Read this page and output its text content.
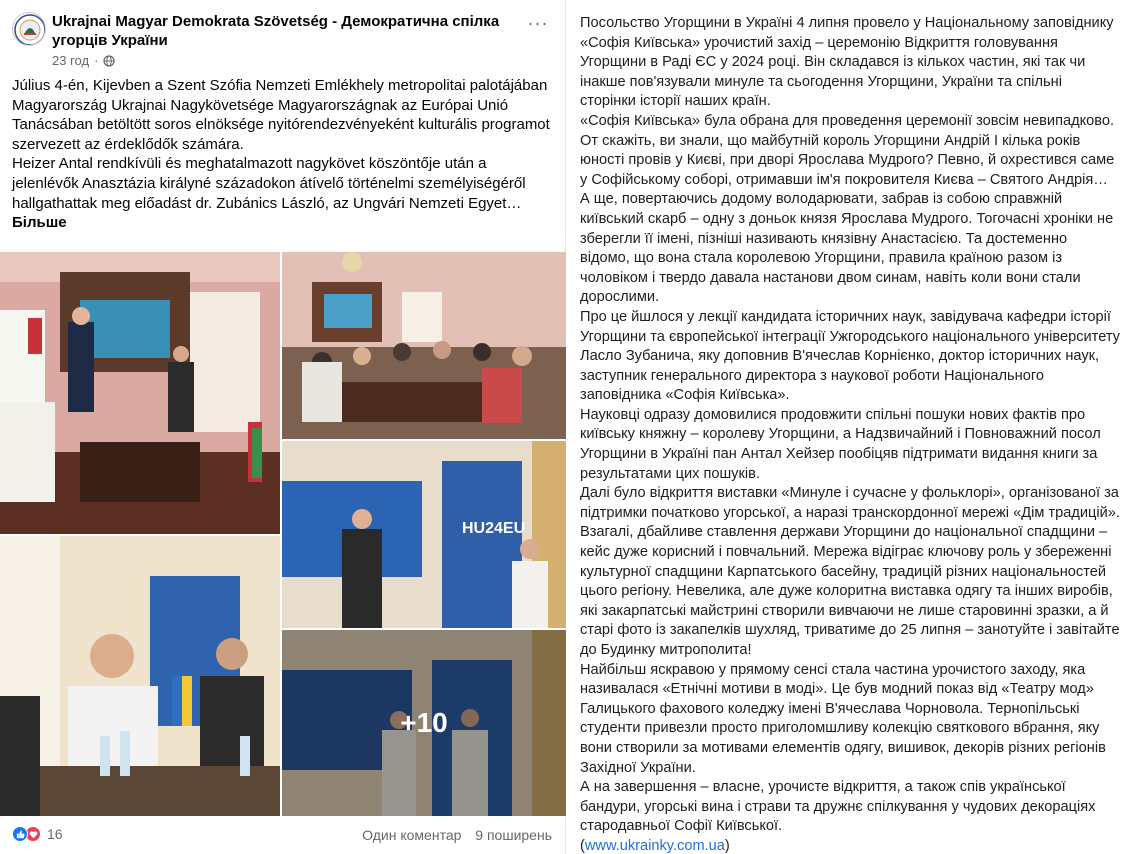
Ukrajnai Magyar Demokrata Szövetség - Демократична спілка угорців України
23 год ·
···

Július 4-én, Kijevben a Szent Szófia Nemzeti Emlékhely metropolitai palotájában Magyarország Ukrajnai Nagykövetsége Magyarországnak az Európai Unió Tanácsában betöltött soros elnöksége nyitórendezvényeként kulturális programot szervezett az érdeklődők számára.

Heizer Antal rendkívüli és meghatalmazott nagykövet köszöntője után a jelenlévők Anasztázia királyné századokon átívelő történelmi személyiségéről hallgathattak meg előadást dr. Zubánics László, az Ungvári Nemzeti Egyet… Більше

HU24EU
+10
16	Один коментар 9 поширень

Посольство Угорщини в Україні 4 липня провело у Національному заповіднику «Софія Київська» урочистий захід – церемонію Відкриття головування Угорщини в Раді ЄС у 2024 році. Він складався із кількох частин, які так чи інакше пов'язували минуле та сьогодення Угорщини, України та спільні сторінки історії наших країн.

«Софія Київська» була обрана для проведення церемонії зовсім невипадково. От скажіть, ви знали, що майбутній король Угорщини Андрій I кілька років юності провів у Києві, при дворі Ярослава Мудрого? Певно, й охрестився саме у Софійському соборі, отримавши ім'я покровителя Києва – Святого Андрія… А ще, повертаючись додому володарювати, забрав із собою справжній київський скарб – одну з доньок князя Ярослава Мудрого. Тогочасні хроніки не зберегли її імені, пізніші називають князівну Анастасією. Та достеменно відомо, що вона стала королевою Угорщини, правила країною разом із чоловіком і твердо давала настанови двом синам, навіть коли вони стали дорослими.

Про це йшлося у лекції кандидата історичних наук, завідувача кафедри історії Угорщини та європейської інтеграції Ужгородського національного університету Ласло Зубанича, яку доповнив В'ячеслав Корнієнко, доктор історичних наук, заступник генерального директора з наукової роботи Національного заповідника «Софія Київська».

Науковці одразу домовилися продовжити спільні пошуки нових фактів про київську княжну – королеву Угорщини, а Надзвичайний і Повноважний посол Угорщини в Україні пан Антал Хейзер пообіцяв підтримати видання книги за результатами цих пошуків.

Далі було відкриття виставки «Минуле і сучасне у фольклорі», організованої за підтримки початково угорської, а наразі транскордонної мережі «Дім традицій». Взагалі, дбайливе ставлення держави Угорщини до національної спадщини – кейс дуже корисний і повчальний. Мережа відіграє ключову роль у збереженні культурної спадщини Карпатського басейну, традицій різних національностей цього регіону. Невелика, але дуже колоритна виставка одягу та інших виробів, які закарпатські майстрині створили вивчаючи не лише старовинні зразки, а й старі фото із закапелків шухляд, триватиме до 25 липня – занотуйте і завітайте до Будинку митрополита!

Найбільш яскравою у прямому сенсі стала частина урочистого заходу, яка називалася «Етнічні мотиви в моді». Це був модний показ від «Театру мод» Галицького фахового коледжу імені В'ячеслава Чорновола. Тернопільські студенти привезли просто приголомшливу колекцію святкового вбрання, яку вони створили за мотивами елементів одягу, вишивок, декорів різних регіонів Західної України.

А на завершення – власне, урочисте відкриття, а також спів української бандури, угорські вина і страви та дружнє спілкування у чудових декораціях стародавньої Софії Київської.

(www.ukrainky.com.ua)
